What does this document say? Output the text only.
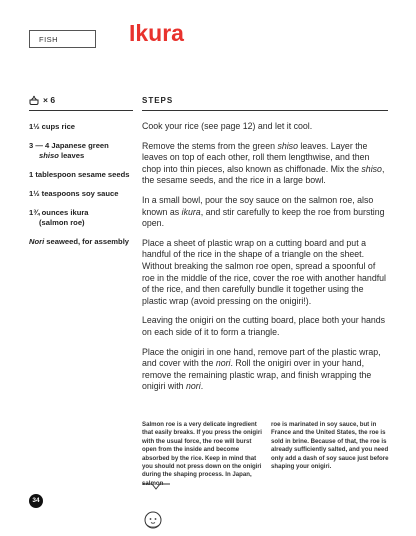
FISH	Ikura
× 6	STEPS
1½ cups rice
3 — 4 Japanese green
shiso leaves
1 tablespoon sesame seeds
1½ teaspoons soy sauce
1¾ ounces ikura
(salmon roe)
Nori seaweed, for assembly

Cook your rice (see page 12) and let it cool.

Remove the stems from the green shiso leaves. Layer the leaves on top of each other, roll them lengthwise, and then chop into thin pieces, also known as chiffonade. Mix the shiso, the sesame seeds, and the rice in a large bowl.

In a small bowl, pour the soy sauce on the salmon roe, also known as ikura, and stir carefully to keep the roe from bursting open.

Place a sheet of plastic wrap on a cutting board and put a handful of the rice in the shape of a triangle on the sheet. Without breaking the salmon roe open, spread a spoonful of roe in the middle of the rice, cover the roe with another handful of the rice, and then carefully bundle it together using the plastic wrap (avoid pressing on the onigiri!).

Leaving the onigiri on the cutting board, place both your hands on each side of it to form a triangle.

Place the onigiri in one hand, remove part of the plastic wrap, and cover with the nori. Roll the onigiri over in your hand, remove the remaining plastic wrap, and finish wrapping the onigiri with nori.

Salmon roe is a very delicate ingredient that easily breaks. If you press the onigiri with the usual force, the roe will burst open from the inside and become absorbed by the rice. Keep in mind that you should not press down on the onigiri during the shaping process. In Japan, salmon
roe is marinated in soy sauce, but in France and the United States, the roe is sold in brine. Because of that, the roe is already sufficiently salted, and you need only add a dash of soy sauce just before shaping your onigiri.
34
